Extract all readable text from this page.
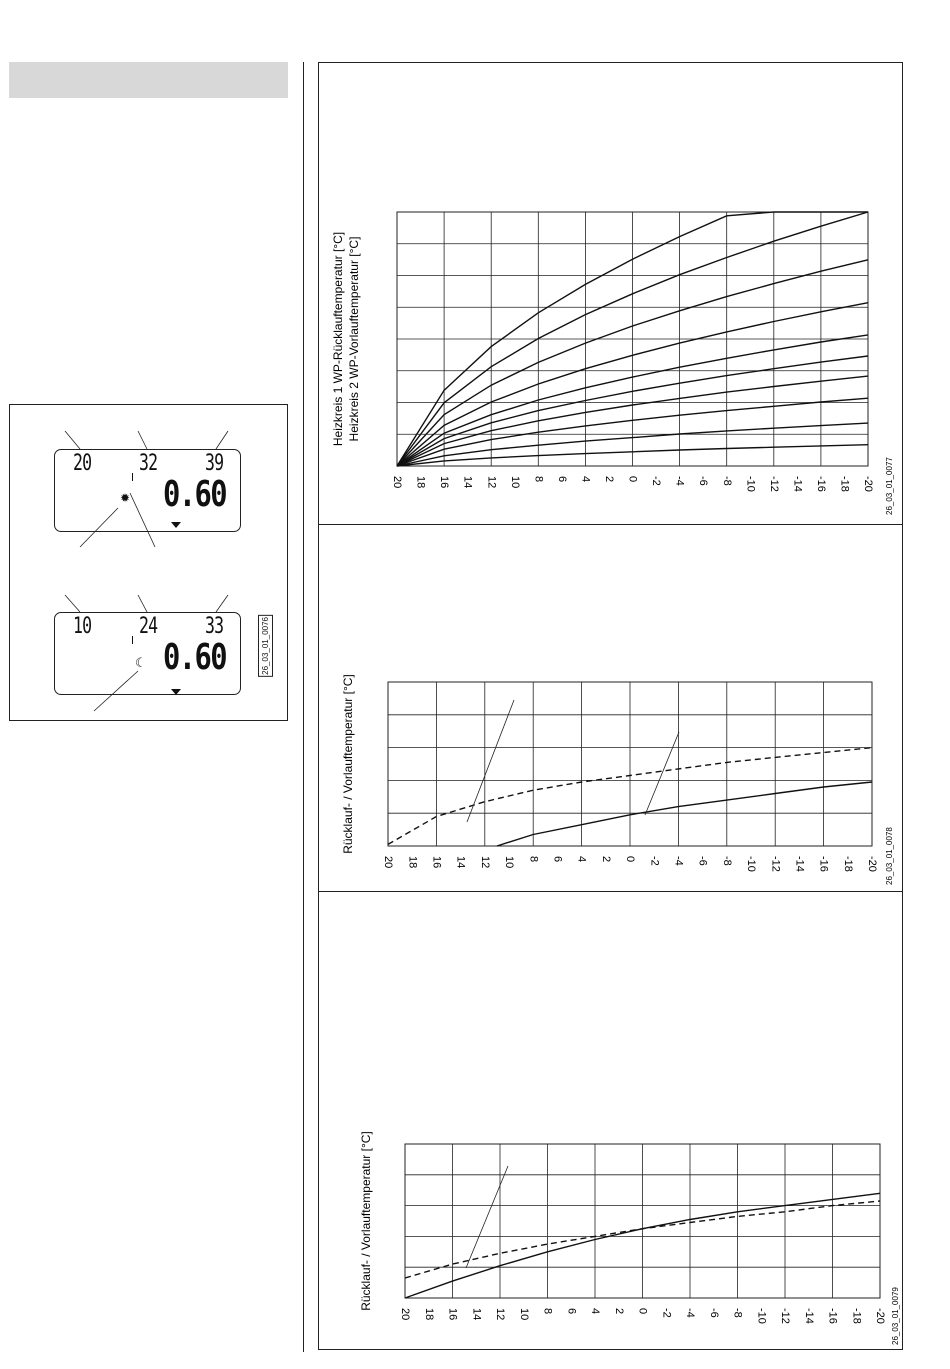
20 32 39
✹ 0.60
10 24 33
☾ 0.60	26_03_01_0076
20 18 16 14 12 10 8 6 4 2 0 -2 -4 -6 -8 -10 -12 -14 -16 -18 -20
Heizkreis 1 WP-Rücklauftemperatur [°C] Heizkreis 2 WP-Vorlauftemperatur [°C]
26_03_01_0077
20 18 16 14 12 10 8 6 4 2 0 -2 -4 -6 -8 -10 -12 -14 -16 -18 -20
Rücklauf- / Vorlauftemperatur [°C]
26_03_01_0078
20 18 16 14 12 10 8 6 4 2 0 -2 -4 -6 -8 -10 -12 -14 -16 -18 -20
Rücklauf- / Vorlauftemperatur [°C]
26_03_01_0079
